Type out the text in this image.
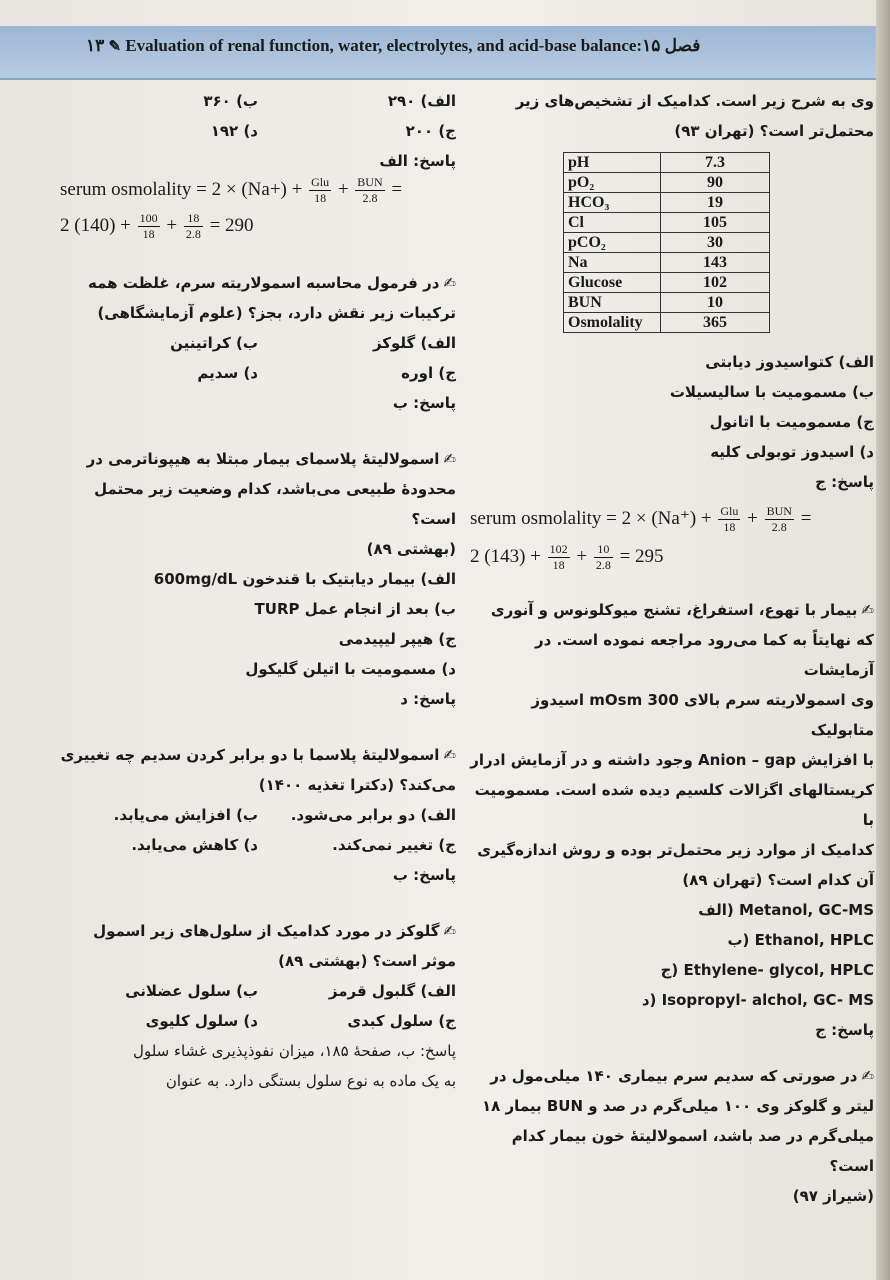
۱۳ ✎ Evaluation of renal function, water, electrolytes, and acid-base balance:۱۵ فصل

وی به شرح زیر است. کدامیک از تشخیص‌های زیر محتمل‌تر است؟ (تهران ۹۳)

pH	7.3
pO₂	90
HCO₃	19
Cl	105
pCO₂	30
Na	143
Glucose	102
BUN	10
Osmolality	365
الف) کتواسیدوز دیابتی
ب) مسمومیت با سالیسیلات
ج) مسمومیت با اتانول
د) اسیدوز توبولی کلیه
پاسخ: ج
serum osmolality = $2 \times (Na^+) + \frac{\text{Glu}}{18} + \frac{\text{BUN}}{2.8}$ =
2 $(143) + \frac{102}{18} + \frac{10}{2.8} = 295$
✍بیمار با تهوع، استفراغ، تشنج میوکلونوس و آنوری
که نهایتاً به کما می‌رود مراجعه نموده است. در آزمایشات
وی اسمولاریته سرم بالای 300 mOsm اسیدوز متابولیک
با افزایش Anion – gap وجود داشته و در آزمایش ادرار
کریستالهای اگزالات کلسیم دیده شده است. مسمومیت با
کدامیک از موارد زیر محتمل‌تر بوده و روش اندازه‌گیری
آن کدام است؟ (تهران ۸۹)
Metanol, GC-MS (الف
Ethanol, HPLC (ب
Ethylene- glycol, HPLC (ج
Isopropyl- alchol, GC- MS (د
پاسخ: ج
✍در صورتی که سدیم سرم بیماری ۱۴۰ میلی‌مول در
لیتر و گلوکز وی ۱۰۰ میلی‌گرم در صد و BUN بیمار ۱۸
میلی‌گرم در صد باشد، اسمولالیتهٔ خون بیمار کدام است؟
(شیراز ۹۷)
الف) ۲۹۰
ب) ۳۶۰
ج) ۲۰۰
د) ۱۹۲
پاسخ: الف
serum osmolality = $2 \times (Na+) + \frac{\text{Glu}}{18} + \frac{\text{BUN}}{2.8}$ =
2 $(140) + \frac{100}{18} + \frac{18}{2.8} = 290$
✍در فرمول محاسبه اسمولاریته سرم، غلظت همه
ترکیبات زیر نقش دارد، بجز؟ (علوم آزمایشگاهی)
الف) گلوکز
ب) کراتینین
ج) اوره
د) سدیم
پاسخ: ب
✍اسمولالیتهٔ پلاسمای بیمار مبتلا به هیپوناترمی در
محدودهٔ طبیعی می‌باشد، کدام وضعیت زیر محتمل است؟
(بهشتی ۸۹)
الف) بیمار دیابتیک با قندخون 600mg/dL
ب) بعد از انجام عمل TURP
ج) هیپر لیپیدمی
د) مسمومیت با اتیلن گلیکول
پاسخ: د
✍اسمولالیتهٔ پلاسما با دو برابر کردن سدیم چه تغییری
می‌کند؟ (دکترا تغذیه ۱۴۰۰)
الف) دو برابر می‌شود.
ب) افزایش می‌یابد.
ج) تغییر نمی‌کند.
د) کاهش می‌یابد.
پاسخ: ب
✍گلوکز در مورد کدامیک از سلول‌های زیر اسمول
موثر است؟ (بهشتی ۸۹)
الف) گلبول قرمز
ب) سلول عضلانی
ج) سلول کبدی
د) سلول کلیوی
پاسخ: ب، صفحهٔ ۱۸۵، میزان نفوذپذیری غشاء سلول
به یک ماده به نوع سلول بستگی دارد. به عنوان
